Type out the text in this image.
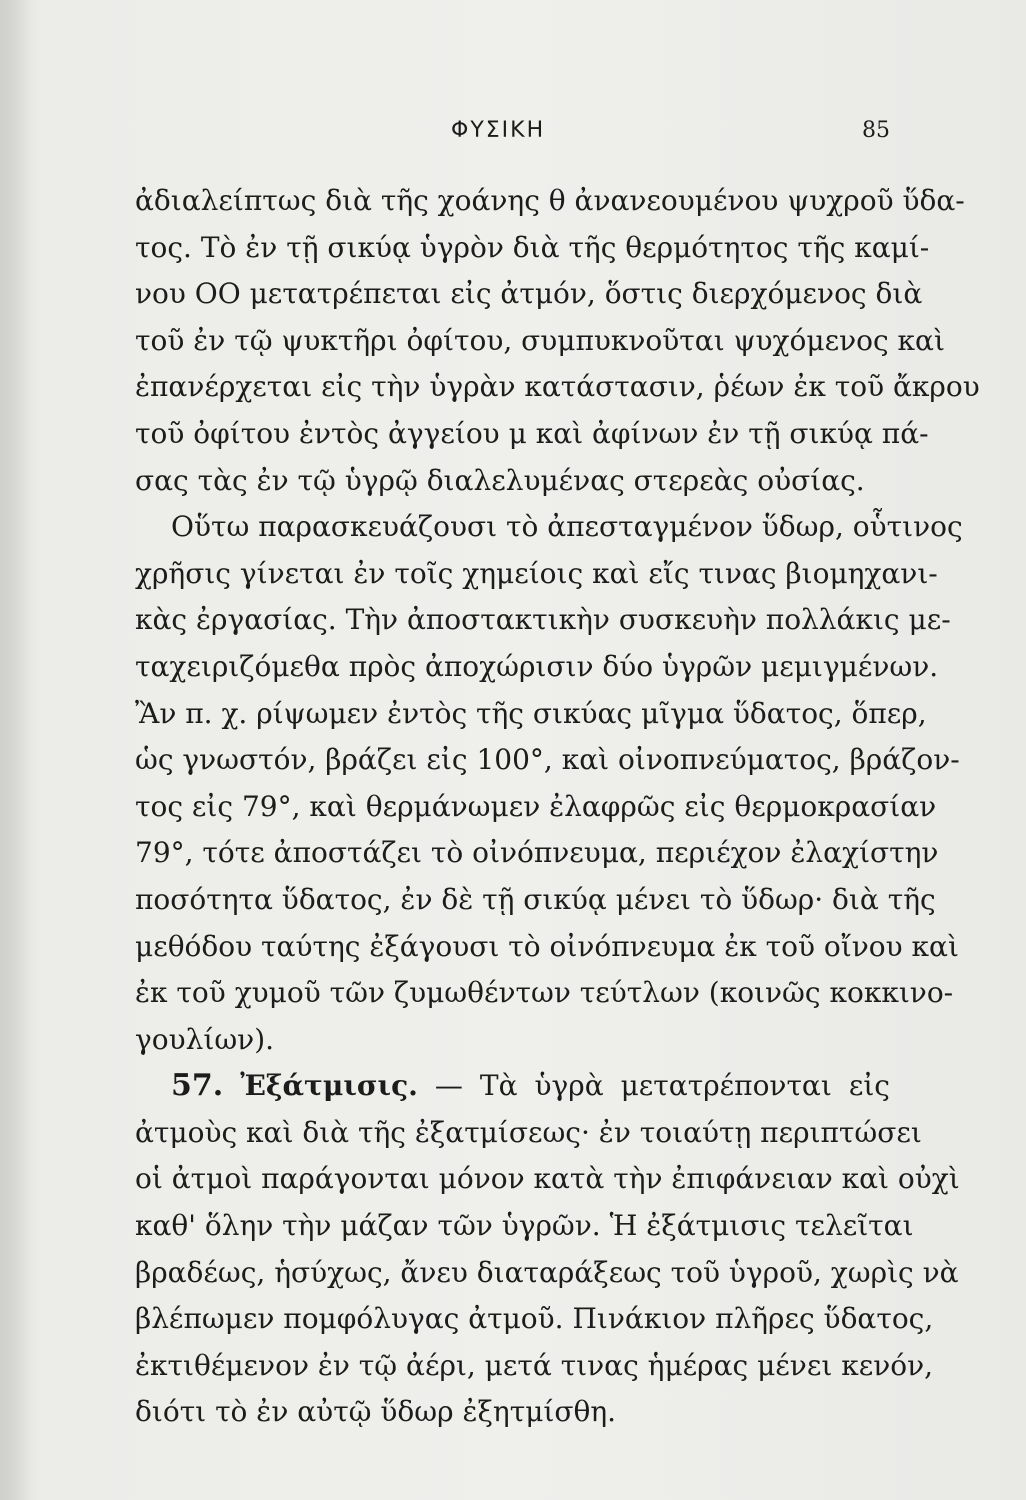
ΦΥΣΙΚΗ	85
ἀδιαλείπτως διὰ τῆς χοάνης θ ἀνανεουμένου ψυχροῦ ὕδα-
τος. Τὸ ἐν τῇ σικύᾳ ὑγρὸν διὰ τῆς θερμότητος τῆς καμί-
νου ΟΟ μετατρέπεται εἰς ἀτμόν, ὅστις διερχόμενος διὰ
τοῦ ἐν τῷ ψυκτῆρι ὀφίτου, συμπυκνοῦται ψυχόμενος καὶ
ἐπανέρχεται εἰς τὴν ὑγρὰν κατάστασιν, ῥέων ἐκ τοῦ ἄκρου
τοῦ ὀφίτου ἐντὸς ἀγγείου μ καὶ ἀφίνων ἐν τῇ σικύᾳ πά-
σας τὰς ἐν τῷ ὑγρῷ διαλελυμένας στερεὰς οὐσίας.
Οὕτω παρασκευάζουσι τὸ ἀπεσταγμένον ὕδωρ, οὗτινος
χρῆσις γίνεται ἐν τοῖς χημείοις καὶ εἴς τινας βιομηχανι-
κὰς ἐργασίας. Τὴν ἀποστακτικὴν συσκευὴν πολλάκις με-
ταχειριζόμεθα πρὸς ἀποχώρισιν δύο ὑγρῶν μεμιγμένων.
Ἂν π. χ. ρίψωμεν ἐντὸς τῆς σικύας μῖγμα ὕδατος, ὅπερ,
ὡς γνωστόν, βράζει εἰς 100°, καὶ οἰνοπνεύματος, βράζον-
τος εἰς 79°, καὶ θερμάνωμεν ἐλαφρῶς εἰς θερμοκρασίαν
79°, τότε ἀποστάζει τὸ οἰνόπνευμα, περιέχον ἐλαχίστην
ποσότητα ὕδατος, ἐν δὲ τῇ σικύᾳ μένει τὸ ὕδωρ· διὰ τῆς
μεθόδου ταύτης ἐξάγουσι τὸ οἰνόπνευμα ἐκ τοῦ οἴνου καὶ
ἐκ τοῦ χυμοῦ τῶν ζυμωθέντων τεύτλων (κοινῶς κοκκινο-
γουλίων).
57. Ἐξάτμισις. — Τὰ ὑγρὰ μετατρέπονται εἰς
ἀτμοὺς καὶ διὰ τῆς ἐξατμίσεως· ἐν τοιαύτῃ περιπτώσει
οἱ ἀτμοὶ παράγονται μόνον κατὰ τὴν ἐπιφάνειαν καὶ οὐχὶ
καθ' ὅλην τὴν μάζαν τῶν ὑγρῶν. Ἡ ἐξάτμισις τελεῖται
βραδέως, ἡσύχως, ἄνευ διαταράξεως τοῦ ὑγροῦ, χωρὶς νὰ
βλέπωμεν πομφόλυγας ἀτμοῦ. Πινάκιον πλῆρες ὕδατος,
ἐκτιθέμενον ἐν τῷ ἀέρι, μετά τινας ἡμέρας μένει κενόν,
διότι τὸ ἐν αὐτῷ ὕδωρ ἐξητμίσθη.
